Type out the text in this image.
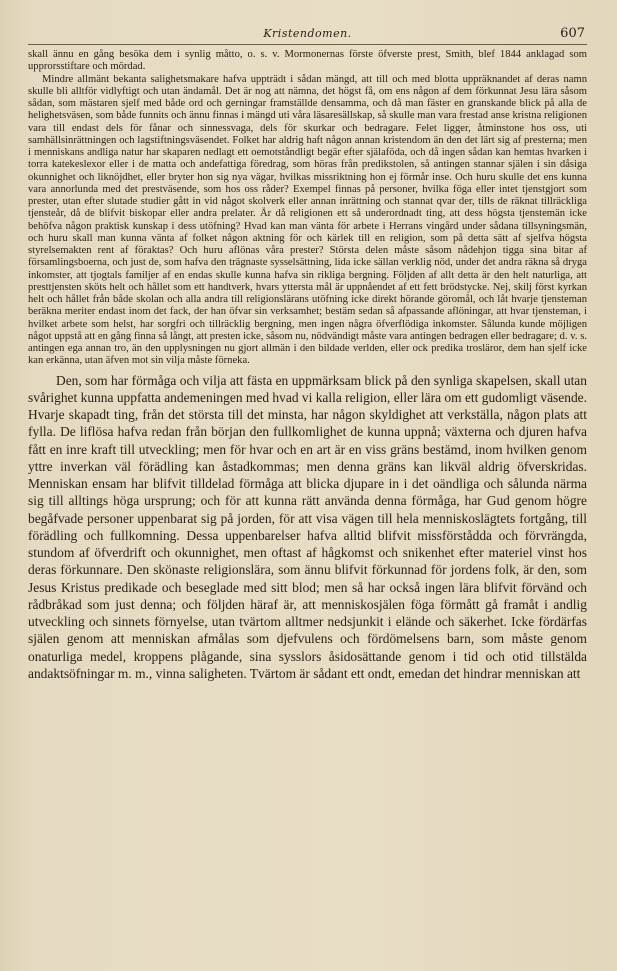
Kristendomen.	607

skall ännu en gång besöka dem i synlig måtto, o. s. v. Mormonernas förste öfverste prest, Smith, blef 1844 anklagad som upprorsstiftare och mördad.

Mindre allmänt bekanta salighetsmakare hafva uppträdt i sådan mängd, att till och med blotta uppräknandet af deras namn skulle bli alltför vidlyftigt och utan ändamål. Det är nog att nämna, det högst få, om ens någon af dem förkunnat Jesu lära såsom sådan, som mästaren sjelf med både ord och gerningar framställde densamma, och då man fäster en granskande blick på alla de helighetsväsen, som både funnits och ännu finnas i mängd uti våra läsaresällskap, så skulle man vara frestad anse kristna religionen vara till endast dels för fånar och sinnessvaga, dels för skurkar och bedragare. Felet ligger, åtminstone hos oss, uti samhällsinrättningen och lagstiftningsväsendet. Folket har aldrig haft någon annan kristendom än den det lärt sig af presterna; men i menniskans andliga natur har skaparen nedlagt ett oemotståndligt begär efter själaföda, och då ingen sådan kan hemtas hvarken i torra katekeslexor eller i de matta och andefattiga föredrag, som höras från predikstolen, så antingen stannar själen i sin dåsiga okunnighet och liknöjdhet, eller bryter hon sig nya vägar, hvilkas missriktning hon ej förmår inse. Och huru skulle det ens kunna vara annorlunda med det prestväsende, som hos oss råder? Exempel finnas på personer, hvilka föga eller intet tjenstgjort som prester, utan efter slutade studier gått in vid något skolverk eller annan inrättning och stannat qvar der, tills de räknat tillräckliga tjensteår, då de blifvit biskopar eller andra prelater. Är då religionen ett så underordnadt ting, att dess högsta tjenstemän icke behöfva någon praktisk kunskap i dess utöfning? Hvad kan man vänta för arbete i Herrans vingård under sådana tillsyningsmän, och huru skall man kunna vänta af folket någon aktning för och kärlek till en religion, som på detta sätt af sjelfva högsta styrelsemakten rent af föraktas? Och huru aflönas våra prester? Största delen måste såsom nådehjon tigga sina bitar af församlingsboerna, och just de, som hafva den trägnaste sysselsättning, lida icke sällan verklig nöd, under det andra räkna så dryga inkomster, att tjogtals familjer af en endas skulle kunna hafva sin rikliga bergning. Följden af allt detta är den helt naturliga, att presttjensten sköts helt och hållet som ett handtverk, hvars yttersta mål är uppnåendet af ett fett brödstycke. Nej, skilj först kyrkan helt och hållet från både skolan och alla andra till religionslärans utöfning icke direkt hörande göromål, och låt hvarje tjensteman beräkna meriter endast inom det fack, der han öfvar sin verksamhet; bestäm sedan så afpassande aflöningar, att hvar tjensteman, i hvilket arbete som helst, har sorgfri och tillräcklig bergning, men ingen några öfverflödiga inkomster. Sålunda kunde möjligen något uppstå att en gång finna så långt, att presten icke, såsom nu, nödvändigt måste vara antingen bedragen eller bedragare; d. v. s. antingen ega annan tro, än den upplysningen nu gjort allmän i den bildade verlden, eller ock predika trosläror, dem han sjelf icke kan erkänna, utan äfven mot sin vilja måste förneka.

Den, som har förmåga och vilja att fästa en uppmärksam blick på den synliga skapelsen, skall utan svårighet kunna uppfatta andemeningen med hvad vi kalla religion, eller lära om ett gudomligt väsende. Hvarje skapadt ting, från det största till det minsta, har någon skyldighet att verkställa, någon plats att fylla. De liflösa hafva redan från början den fullkomlighet de kunna uppnå; växterna och djuren hafva fått en inre kraft till utveckling; men för hvar och en art är en viss gräns bestämd, inom hvilken genom yttre inverkan väl förädling kan åstadkommas; men denna gräns kan likväl aldrig öfverskridas. Menniskan ensam har blifvit tilldelad förmåga att blicka djupare in i det oändliga och sålunda närma sig till alltings höga ursprung; och för att kunna rätt använda denna förmåga, har Gud genom högre begåfvade personer uppenbarat sig på jorden, för att visa vägen till hela menniskoslägtets fortgång, till förädling och fullkomning. Dessa uppenbarelser hafva alltid blifvit missförstådda och förvrängda, stundom af öfverdrift och okunnighet, men oftast af hågkomst och snikenhet efter materiel vinst hos deras förkunnare. Den skönaste religionslära, som ännu blifvit förkunnad för jordens folk, är den, som Jesus Kristus predikade och beseglade med sitt blod; men så har också ingen lära blifvit förvänd och rådbråkad som just denna; och följden häraf är, att menniskosjälen föga förmått gå framåt i andlig utveckling och sinnets förnyelse, utan tvärtom alltmer nedsjunkit i elände och säkerhet. Icke fördärfas själen genom att menniskan afmålas som djefvulens och fördömelsens barn, som måste genom onaturliga medel, kroppens plågande, sina sysslors åsidosättande genom i tid och otid tillstälda andaktsöfningar m. m., vinna saligheten. Tvärtom är sådant ett ondt, emedan det hindrar menniskan att
